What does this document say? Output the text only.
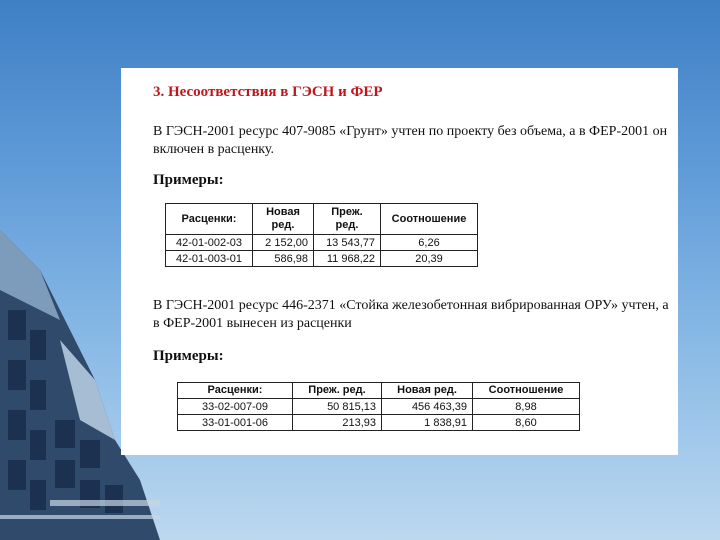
3. Несоответствия в ГЭСН и ФЕР
В ГЭСН-2001 ресурс 407-9085 «Грунт» учтен по проекту без объема, а в ФЕР-2001 он включен в расценку.
Примеры:
Расценки:	Новая ред.	Преж. ред.	Соотношение
42-01-002-03	2 152,00	13 543,77	6,26
42-01-003-01	586,98	11 968,22	20,39
В ГЭСН-2001 ресурс 446-2371 «Стойка железобетонная вибрированная ОРУ» учтен, а в ФЕР-2001 вынесен из расценки
Примеры:
Расценки:	Преж. ред.	Новая ред.	Соотношение
33-02-007-09	50 815,13	456 463,39	8,98
33-01-001-06	213,93	1 838,91	8,60
